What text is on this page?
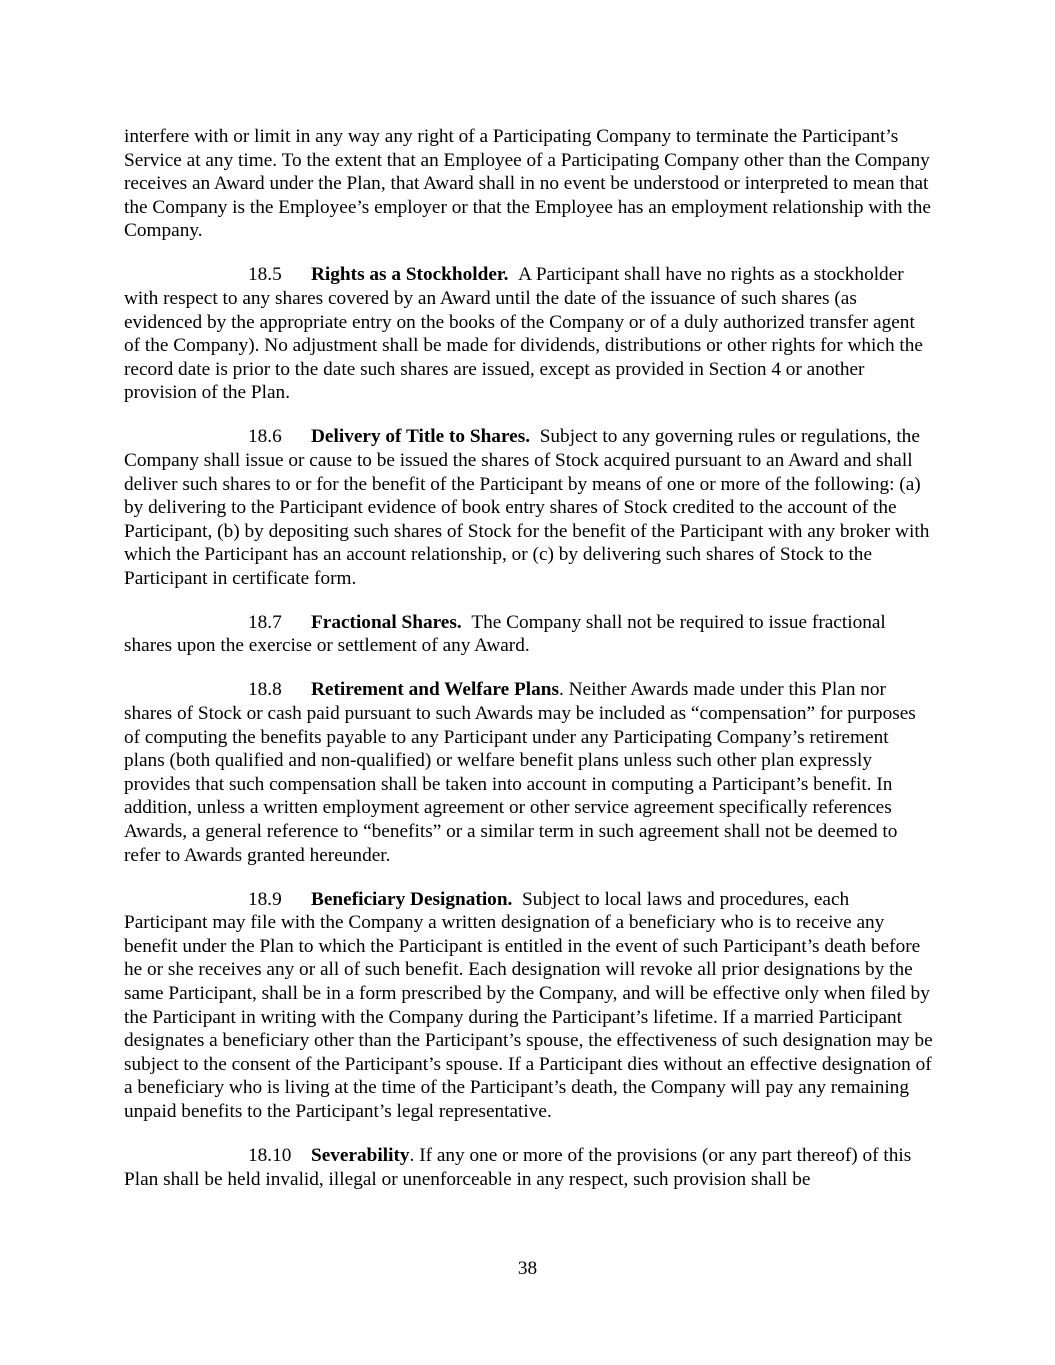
interfere with or limit in any way any right of a Participating Company to terminate the Participant’s Service at any time. To the extent that an Employee of a Participating Company other than the Company receives an Award under the Plan, that Award shall in no event be understood or interpreted to mean that the Company is the Employee’s employer or that the Employee has an employment relationship with the Company.

18.5 Rights as a Stockholder. A Participant shall have no rights as a stockholder with respect to any shares covered by an Award until the date of the issuance of such shares (as evidenced by the appropriate entry on the books of the Company or of a duly authorized transfer agent of the Company). No adjustment shall be made for dividends, distributions or other rights for which the record date is prior to the date such shares are issued, except as provided in Section 4 or another provision of the Plan.

18.6 Delivery of Title to Shares. Subject to any governing rules or regulations, the Company shall issue or cause to be issued the shares of Stock acquired pursuant to an Award and shall deliver such shares to or for the benefit of the Participant by means of one or more of the following: (a) by delivering to the Participant evidence of book entry shares of Stock credited to the account of the Participant, (b) by depositing such shares of Stock for the benefit of the Participant with any broker with which the Participant has an account relationship, or (c) by delivering such shares of Stock to the Participant in certificate form.

18.7 Fractional Shares. The Company shall not be required to issue fractional shares upon the exercise or settlement of any Award.

18.8 Retirement and Welfare Plans. Neither Awards made under this Plan nor shares of Stock or cash paid pursuant to such Awards may be included as “compensation” for purposes of computing the benefits payable to any Participant under any Participating Company’s retirement plans (both qualified and non-qualified) or welfare benefit plans unless such other plan expressly provides that such compensation shall be taken into account in computing a Participant’s benefit. In addition, unless a written employment agreement or other service agreement specifically references Awards, a general reference to “benefits” or a similar term in such agreement shall not be deemed to refer to Awards granted hereunder.

18.9 Beneficiary Designation. Subject to local laws and procedures, each Participant may file with the Company a written designation of a beneficiary who is to receive any benefit under the Plan to which the Participant is entitled in the event of such Participant’s death before he or she receives any or all of such benefit. Each designation will revoke all prior designations by the same Participant, shall be in a form prescribed by the Company, and will be effective only when filed by the Participant in writing with the Company during the Participant’s lifetime. If a married Participant designates a beneficiary other than the Participant’s spouse, the effectiveness of such designation may be subject to the consent of the Participant’s spouse. If a Participant dies without an effective designation of a beneficiary who is living at the time of the Participant’s death, the Company will pay any remaining unpaid benefits to the Participant’s legal representative.

18.10 Severability. If any one or more of the provisions (or any part thereof) of this Plan shall be held invalid, illegal or unenforceable in any respect, such provision shall be

38
